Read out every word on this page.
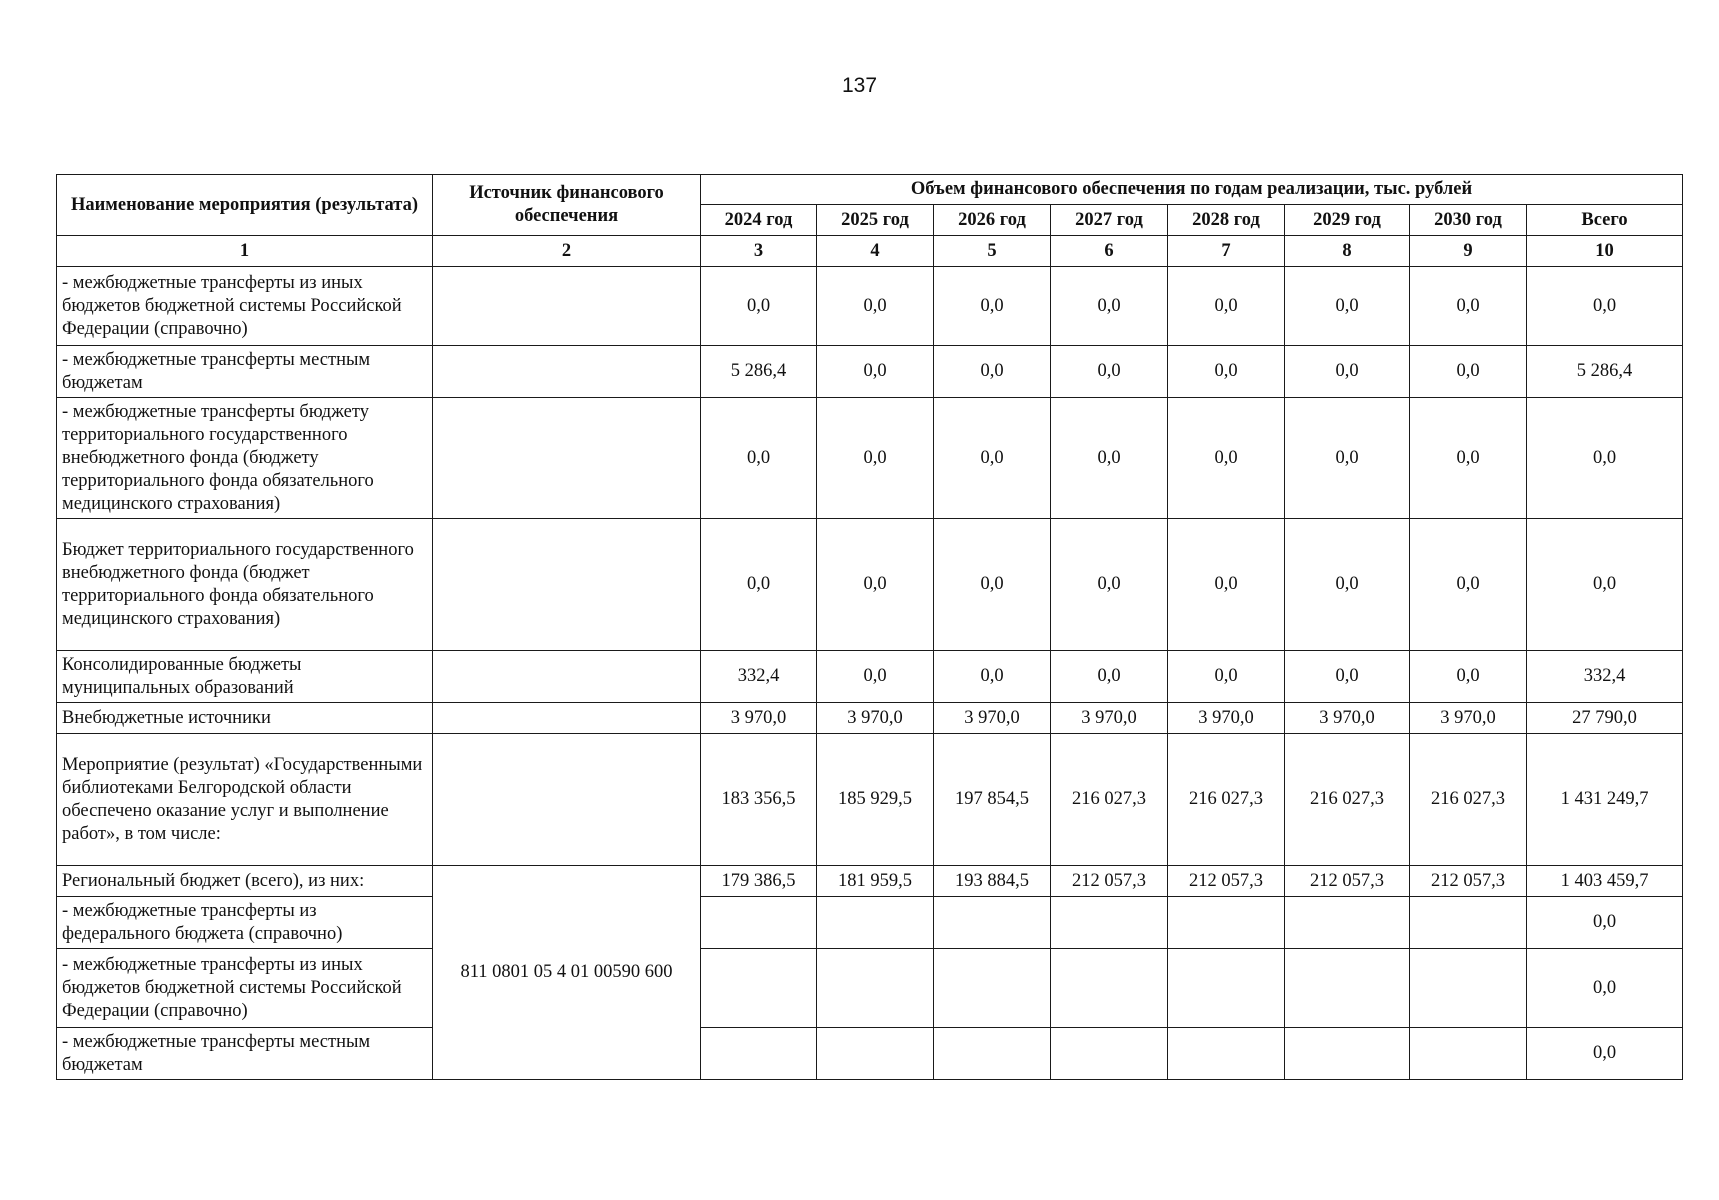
137
Наименование мероприятия (результата)	Источник финансового обеспечения	Объем финансового обеспечения по годам реализации, тыс. рублей							
		2024 год	2025 год	2026 год	2027 год	2028 год	2029 год	2030 год	Всего
1	2	3	4	5	6	7	8	9	10
- межбюджетные трансферты из иных бюджетов бюджетной системы Российской Федерации (справочно)		0,0	0,0	0,0	0,0	0,0	0,0	0,0	0,0
- межбюджетные трансферты местным бюджетам		5 286,4	0,0	0,0	0,0	0,0	0,0	0,0	5 286,4
- межбюджетные трансферты бюджету территориального государственного внебюджетного фонда (бюджету территориального фонда обязательного медицинского страхования)		0,0	0,0	0,0	0,0	0,0	0,0	0,0	0,0
Бюджет территориального государственного внебюджетного фонда (бюджет территориального фонда обязательного медицинского страхования)		0,0	0,0	0,0	0,0	0,0	0,0	0,0	0,0
Консолидированные бюджеты муниципальных образований		332,4	0,0	0,0	0,0	0,0	0,0	0,0	332,4
Внебюджетные источники		3 970,0	3 970,0	3 970,0	3 970,0	3 970,0	3 970,0	3 970,0	27 790,0
Мероприятие (результат) «Государственными библиотеками Белгородской области обеспечено оказание услуг и выполнение работ», в том числе:		183 356,5	185 929,5	197 854,5	216 027,3	216 027,3	216 027,3	216 027,3	1 431 249,7
Региональный бюджет (всего), из них:	811 0801 05 4 01 00590 600	179 386,5	181 959,5	193 884,5	212 057,3	212 057,3	212 057,3	212 057,3	1 403 459,7
- межбюджетные трансферты из федерального бюджета (справочно)									0,0
- межбюджетные трансферты из иных бюджетов бюджетной системы Российской Федерации (справочно)									0,0
- межбюджетные трансферты местным бюджетам									0,0
